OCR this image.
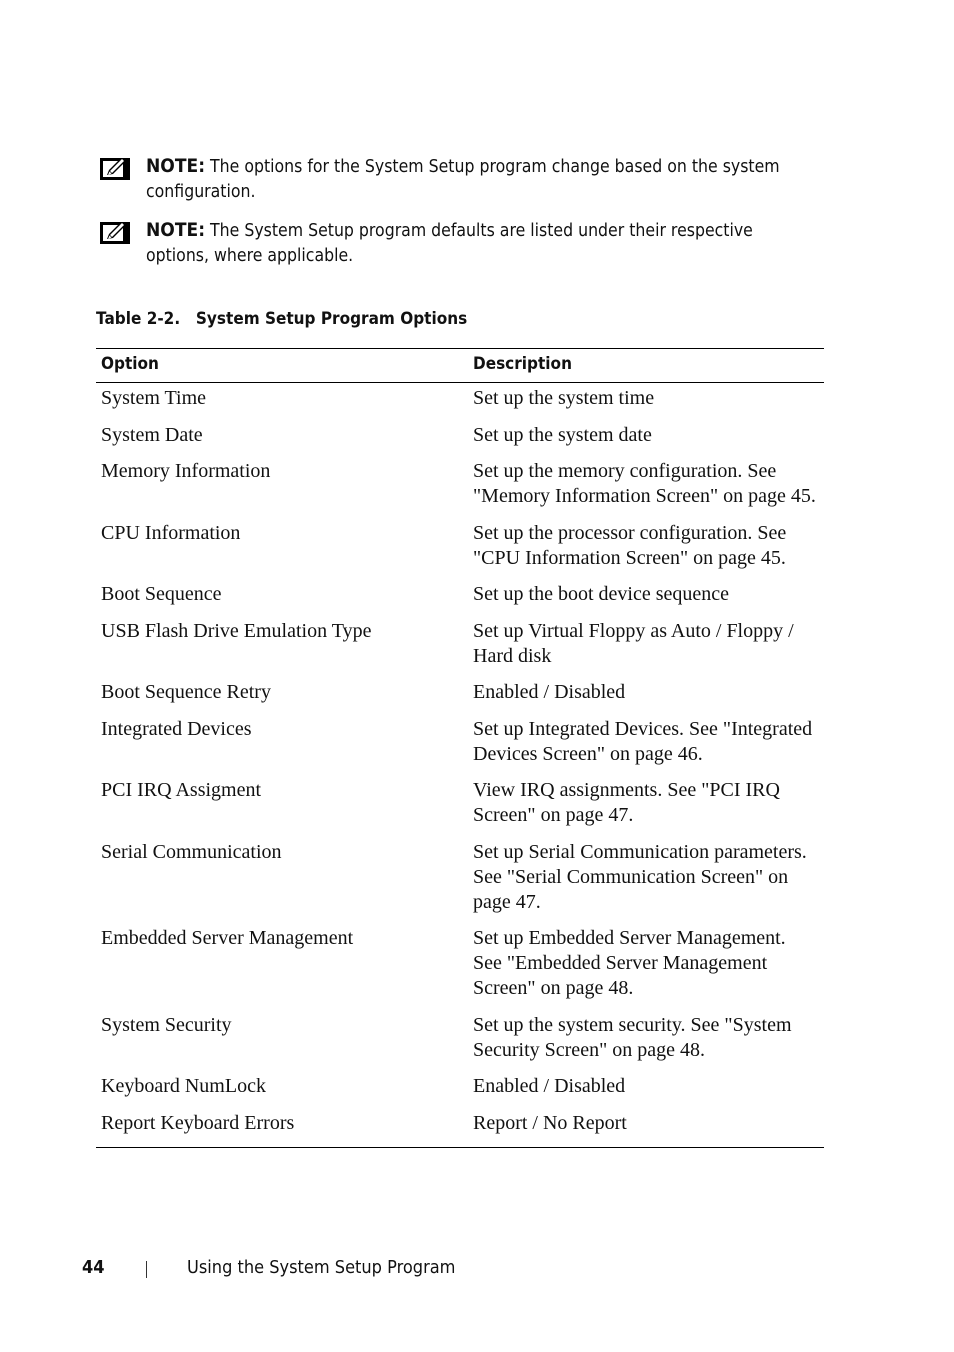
NOTE: The options for the System Setup program change based on the system configuration.
NOTE: The System Setup program defaults are listed under their respective options, where applicable.
Table 2-2. System Setup Program Options
Option	Description
System Time	Set up the system time
System Date	Set up the system date
Memory Information	Set up the memory configuration. See "Memory Information Screen" on page 45.
CPU Information	Set up the processor configuration. See "CPU Information Screen" on page 45.
Boot Sequence	Set up the boot device sequence
USB Flash Drive Emulation Type	Set up Virtual Floppy as Auto / Floppy / Hard disk
Boot Sequence Retry	Enabled / Disabled
Integrated Devices	Set up Integrated Devices. See "Integrated Devices Screen" on page 46.
PCI IRQ Assigment	View IRQ assignments. See "PCI IRQ Screen" on page 47.
Serial Communication	Set up Serial Communication parameters. See "Serial Communication Screen" on page 47.
Embedded Server Management	Set up Embedded Server Management. See "Embedded Server Management Screen" on page 48.
System Security	Set up the system security. See "System Security Screen" on page 48.
Keyboard NumLock	Enabled / Disabled
Report Keyboard Errors	Report / No Report
44	Using the System Setup Program
